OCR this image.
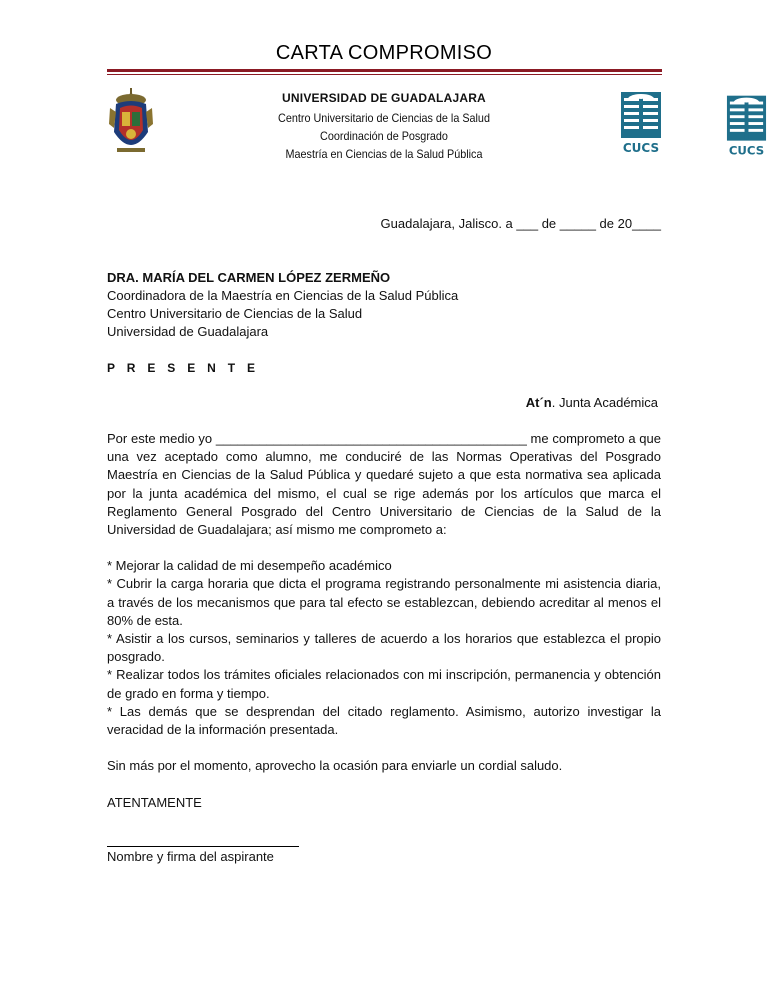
CARTA COMPROMISO
UNIVERSIDAD DE GUADALAJARA
Centro Universitario de Ciencias de la Salud
Coordinación de Posgrado
Maestría en Ciencias de la Salud Pública	CUCS	CUCS
Guadalajara, Jalisco. a ___ de _____ de 20____
DRA. MARÍA DEL CARMEN LÓPEZ ZERMEÑO
Coordinadora de la Maestría en Ciencias de la Salud Pública
Centro Universitario de Ciencias de la Salud
Universidad de Guadalajara
P R E S E N T E
At´n. Junta Académica

Por este medio yo ___________________________________________ me comprometo a que una vez aceptado como alumno, me conduciré de las Normas Operativas del Posgrado Maestría en Ciencias de la Salud Pública y quedaré sujeto a que esta normativa sea aplicada por la junta académica del mismo, el cual se rige además por los artículos que marca el Reglamento General Posgrado del Centro Universitario de Ciencias de la Salud de la Universidad de Guadalajara; así mismo me comprometo a:

* Mejorar la calidad de mi desempeño académico

* Cubrir la carga horaria que dicta el programa registrando personalmente mi asistencia diaria, a través de los mecanismos que para tal efecto se establezcan, debiendo acreditar al menos el 80% de esta.

* Asistir a los cursos, seminarios y talleres de acuerdo a los horarios que establezca el propio posgrado.

* Realizar todos los trámites oficiales relacionados con mi inscripción, permanencia y obtención de grado en forma y tiempo.

* Las demás que se desprendan del citado reglamento. Asimismo, autorizo investigar la veracidad de la información presentada.

Sin más por el momento, aprovecho la ocasión para enviarle un cordial saludo.

ATENTAMENTE
Nombre y firma del aspirante
